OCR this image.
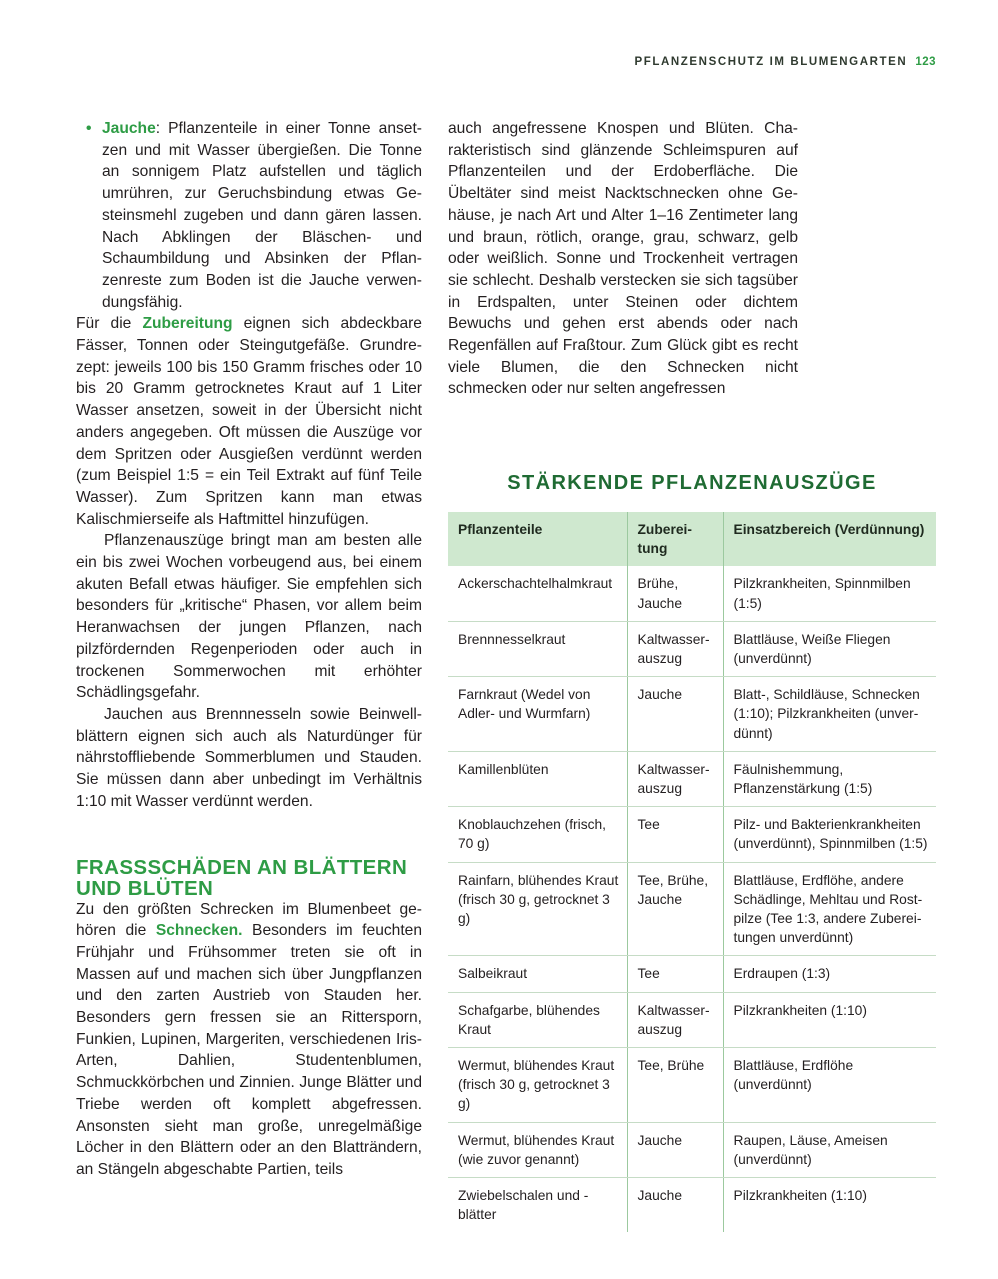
PFLANZENSCHUTZ IM BLUMENGARTEN 123

• Jauche: Pflanzenteile in einer Tonne ansetzen und mit Wasser übergießen. Die Tonne an sonnigem Platz aufstellen und täglich umrühren, zur Geruchsbindung etwas Gesteinsmehl zugeben und dann gären lassen. Nach Abklingen der Bläschen- und Schaumbildung und Absinken der Pflanzenreste zum Boden ist die Jauche verwendungsfähig.

Für die Zubereitung eignen sich abdeckbare Fässer, Tonnen oder Steingutgefäße. Grundrezept: jeweils 100 bis 150 Gramm frisches oder 10 bis 20 Gramm getrocknetes Kraut auf 1 Liter Wasser ansetzen, soweit in der Übersicht nicht anders angegeben. Oft müssen die Auszüge vor dem Spritzen oder Ausgießen verdünnt werden (zum Beispiel 1:5 = ein Teil Extrakt auf fünf Teile Wasser). Zum Spritzen kann man etwas Kalischmierseife als Haftmittel hinzufügen.

Pflanzenauszüge bringt man am besten alle ein bis zwei Wochen vorbeugend aus, bei einem akuten Befall etwas häufiger. Sie empfehlen sich besonders für „kritische“ Phasen, vor allem beim Heranwachsen der jungen Pflanzen, nach pilzfördernden Regenperioden oder auch in trockenen Sommerwochen mit erhöhter Schädlingsgefahr.

Jauchen aus Brennnesseln sowie Beinwellblättern eignen sich auch als Naturdünger für nährstoffliebende Sommerblumen und Stauden. Sie müssen dann aber unbedingt im Verhältnis 1:10 mit Wasser verdünnt werden.

FRASSSCHÄDEN AN BLÄTTERN
UND BLÜTEN

Zu den größten Schrecken im Blumenbeet gehören die Schnecken. Besonders im feuchten Frühjahr und Frühsommer treten sie oft in Massen auf und machen sich über Jungpflanzen und den zarten Austrieb von Stauden her. Besonders gern fressen sie an Rittersporn, Funkien, Lupinen, Margeriten, verschiedenen Iris-Arten, Dahlien, Studentenblumen, Schmuckkörbchen und Zinnien. Junge Blätter und Triebe werden oft komplett abgefressen. Ansonsten sieht man große, unregelmäßige Löcher in den Blättern oder an den Blatträndern, an Stängeln abgeschabte Partien, teils

auch angefressene Knospen und Blüten. Charakteristisch sind glänzende Schleimspuren auf Pflanzenteilen und der Erdoberfläche. Die Übeltäter sind meist Nacktschnecken ohne Gehäuse, je nach Art und Alter 1–16 Zentimeter lang und braun, rötlich, orange, grau, schwarz, gelb oder weißlich. Sonne und Trockenheit vertragen sie schlecht. Deshalb verstecken sie sich tagsüber in Erdspalten, unter Steinen oder dichtem Bewuchs und gehen erst abends oder nach Regenfällen auf Fraßtour. Zum Glück gibt es recht viele Blumen, die den Schnecken nicht schmecken oder nur selten angefressen

STÄRKENDE PFLANZENAUSZÜGE
Pflanzenteile	Zubereitung	Einsatzbereich (Verdünnung)
Ackerschachtelhalmkraut	Brühe, Jauche	Pilzkrankheiten, Spinnmilben (1:5)
Brennnesselkraut	Kaltwasserauszug	Blattläuse, Weiße Fliegen (unverdünnt)
Farnkraut (Wedel von Adler- und Wurmfarn)	Jauche	Blatt-, Schildläuse, Schnecken (1:10); Pilzkrankheiten (unverdünnt)
Kamillenblüten	Kaltwasserauszug	Fäulnishemmung, Pflanzenstärkung (1:5)
Knoblauchzehen (frisch, 70 g)	Tee	Pilz- und Bakterienkrankheiten (unverdünnt), Spinnmilben (1:5)
Rainfarn, blühendes Kraut (frisch 30 g, getrocknet 3 g)	Tee, Brühe, Jauche	Blattläuse, Erdflöhe, andere Schädlinge, Mehltau und Rostpilze (Tee 1:3, andere Zubereitungen unverdünnt)
Salbeikraut	Tee	Erdraupen (1:3)
Schafgarbe, blühendes Kraut	Kaltwasserauszug	Pilzkrankheiten (1:10)
Wermut, blühendes Kraut (frisch 30 g, getrocknet 3 g)	Tee, Brühe	Blattläuse, Erdflöhe (unverdünnt)
Wermut, blühendes Kraut (wie zuvor genannt)	Jauche	Raupen, Läuse, Ameisen (unverdünnt)
Zwiebelschalen und -blätter	Jauche	Pilzkrankheiten (1:10)
